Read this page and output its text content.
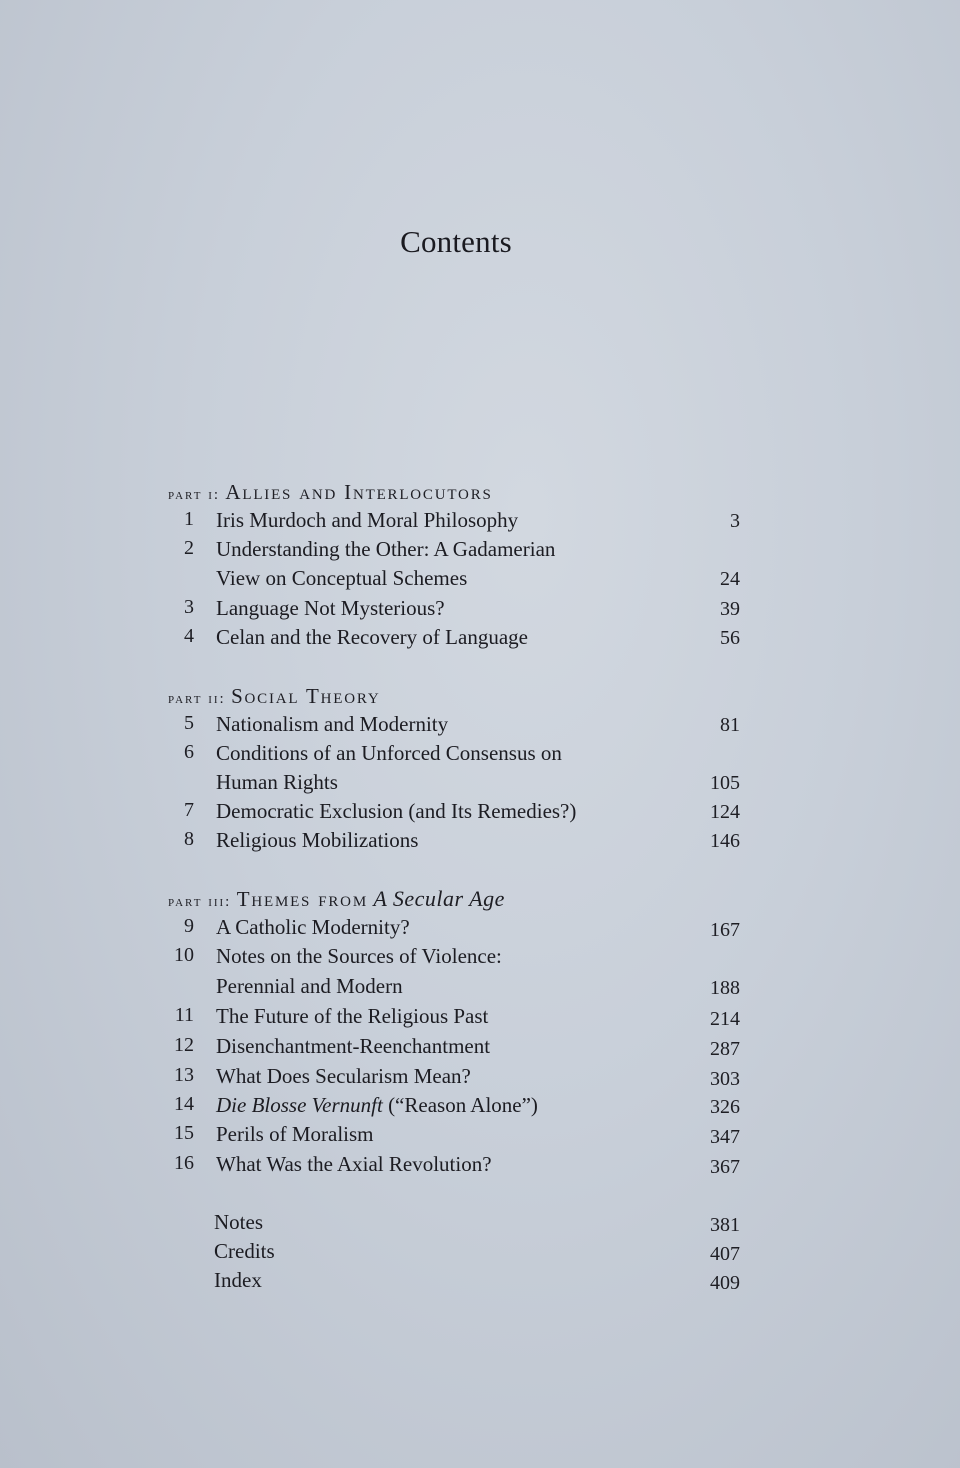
Contents
part i: Allies and Interlocutors
1 Iris Murdoch and Moral Philosophy	3
2 Understanding the Other: A Gadamerian
View on Conceptual Schemes	24
3 Language Not Mysterious?	39
4 Celan and the Recovery of Language	56
part ii: Social Theory
5 Nationalism and Modernity	81
6 Conditions of an Unforced Consensus on
Human Rights	105
7 Democratic Exclusion (and Its Remedies?)	124
8 Religious Mobilizations	146
part iii: Themes from A Secular Age
9 A Catholic Modernity?	167
10 Notes on the Sources of Violence:
Perennial and Modern	188
11 The Future of the Religious Past	214
12 Disenchantment-Reenchantment	287
13 What Does Secularism Mean?	303
14 Die Blosse Vernunft (“Reason Alone”)	326
15 Perils of Moralism	347
16 What Was the Axial Revolution?	367
Notes	381
Credits	407
Index	409
